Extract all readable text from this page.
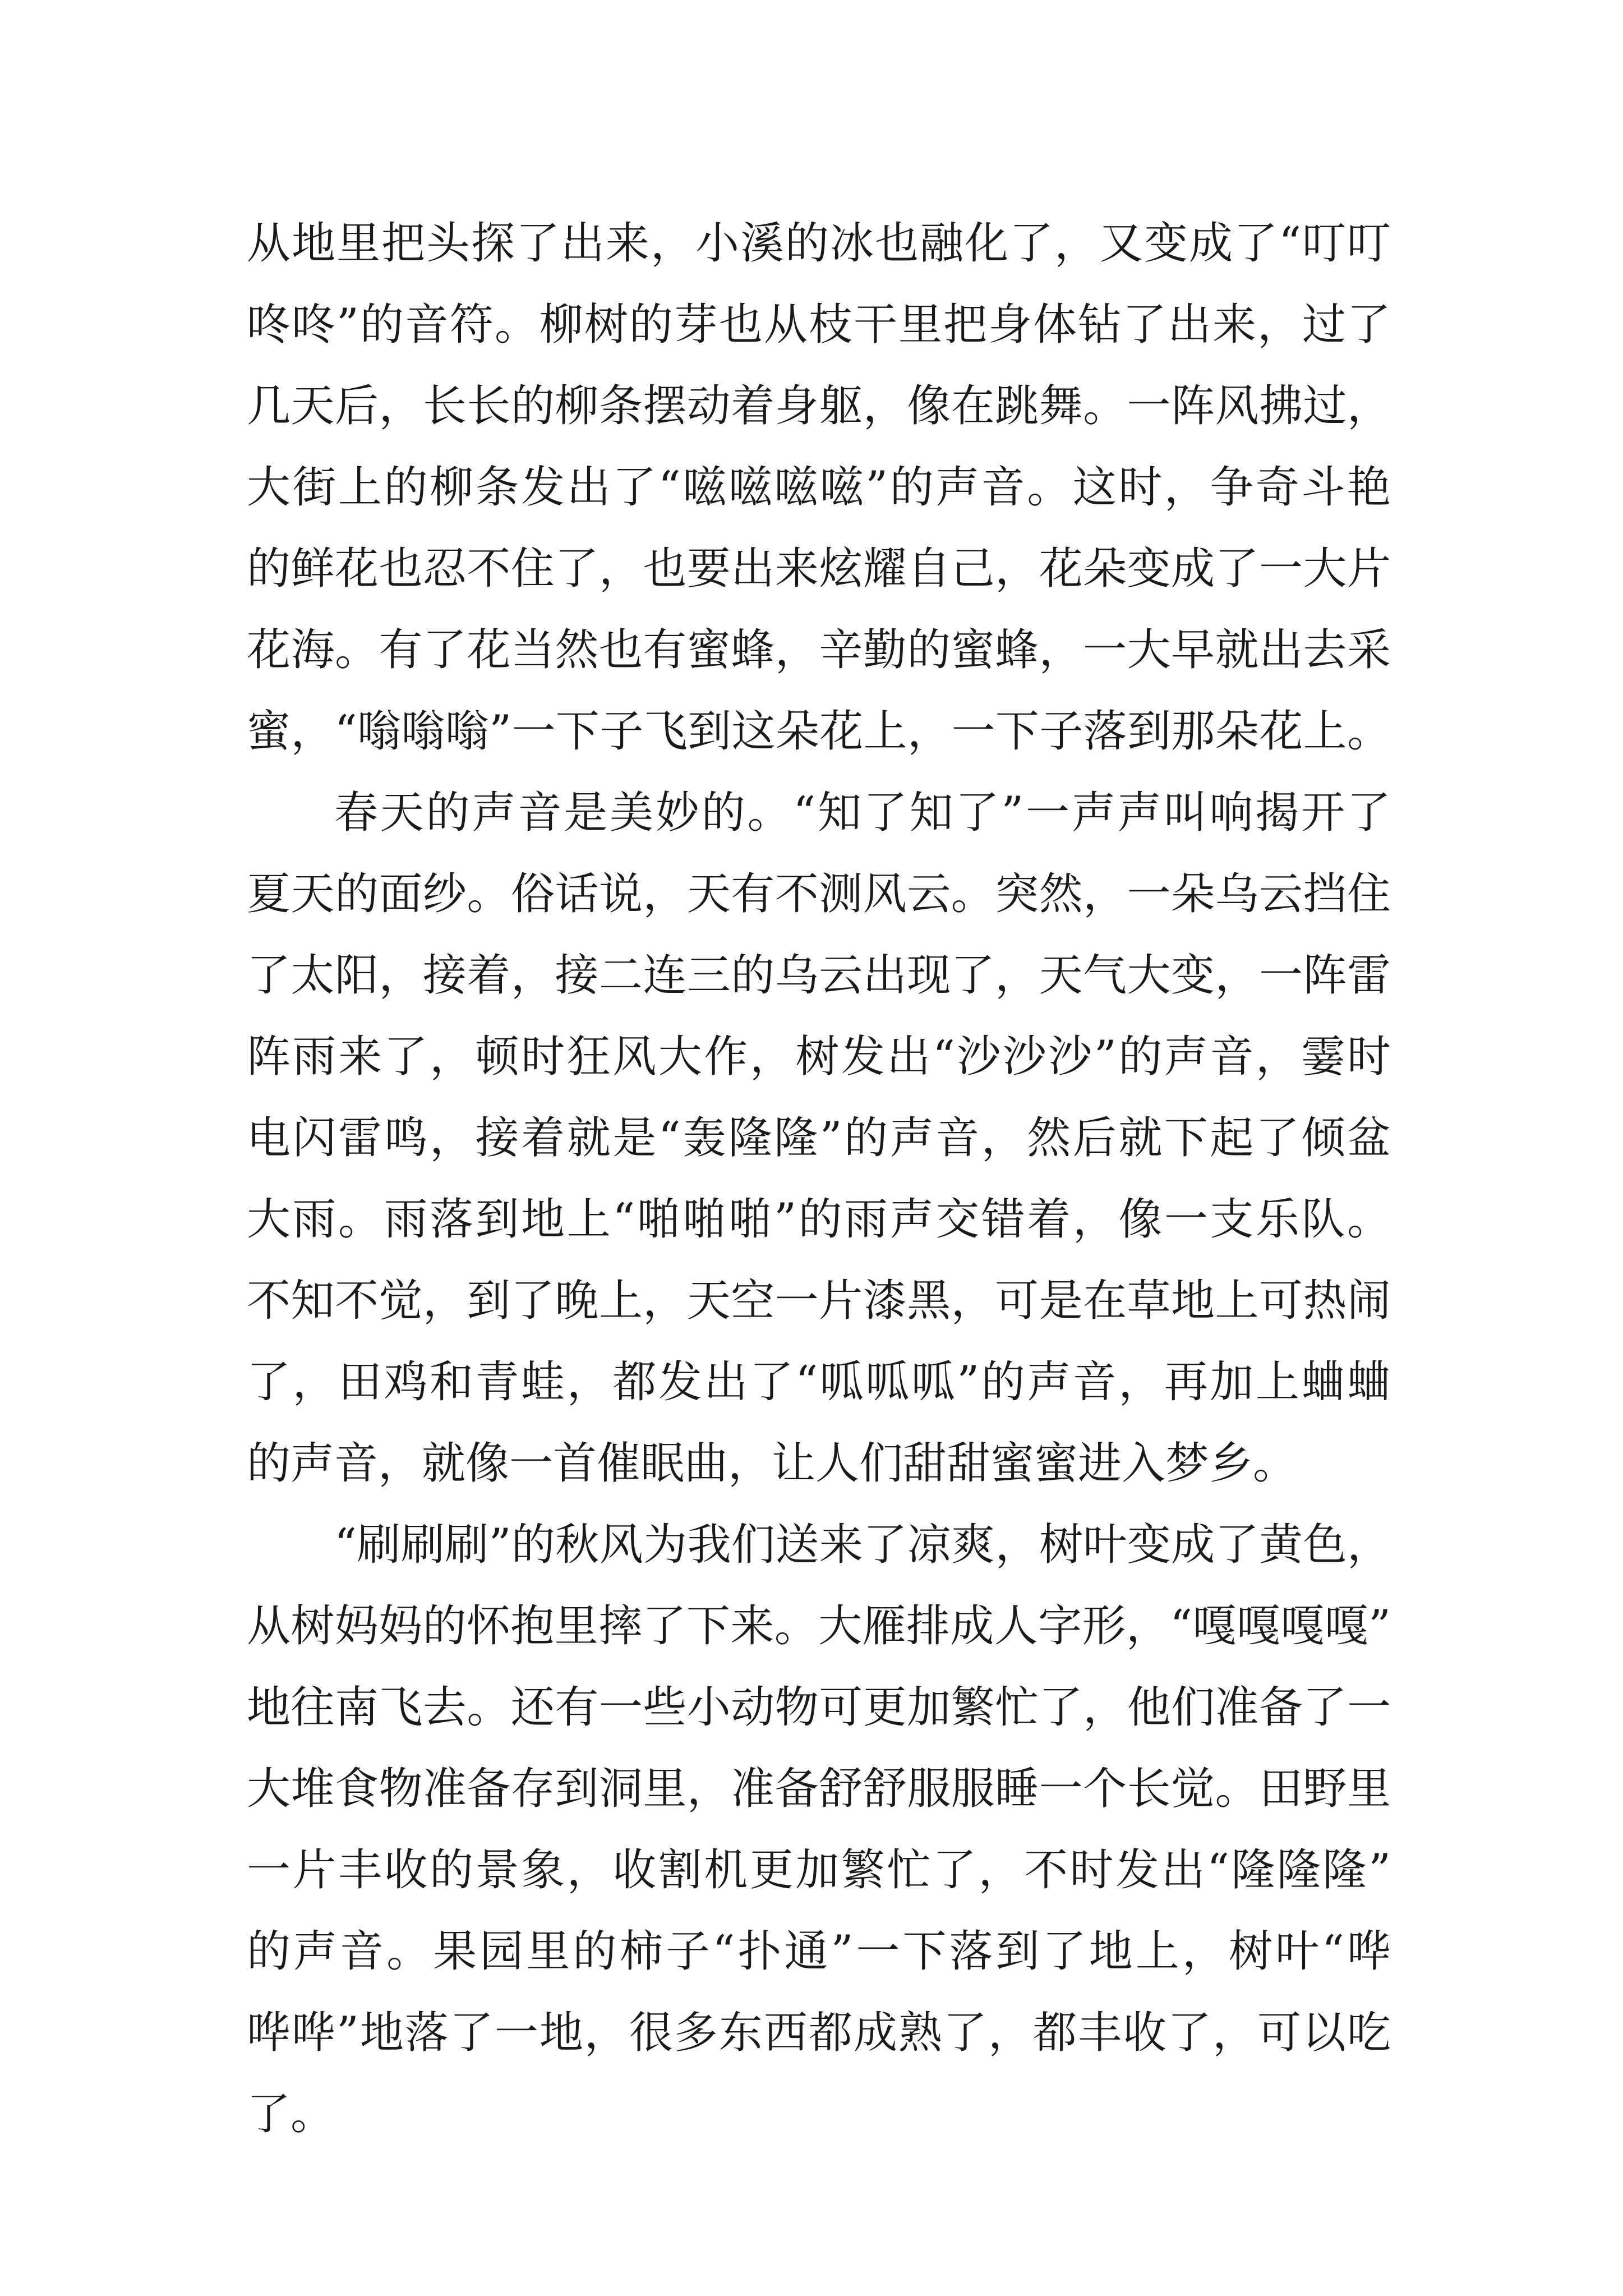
从地里把头探了出来，小溪的冰也融化了，又变成了“叮叮
咚咚”的音符。柳树的芽也从枝干里把身体钻了出来，过了
几天后，长长的柳条摆动着身躯，像在跳舞。一阵风拂过，
大街上的柳条发出了“嗞嗞嗞嗞”的声音。这时，争奇斗艳
的鲜花也忍不住了，也要出来炫耀自己，花朵变成了一大片
花海。有了花当然也有蜜蜂，辛勤的蜜蜂，一大早就出去采
蜜，“嗡嗡嗡”一下子飞到这朵花上，一下子落到那朵花上。
春天的声音是美妙的。“知了知了”一声声叫响揭开了
夏天的面纱。俗话说，天有不测风云。突然，一朵乌云挡住
了太阳，接着，接二连三的乌云出现了，天气大变，一阵雷
阵雨来了，顿时狂风大作，树发出“沙沙沙”的声音，霎时
电闪雷鸣，接着就是“轰隆隆”的声音，然后就下起了倾盆
大雨。雨落到地上“啪啪啪”的雨声交错着，像一支乐队。
不知不觉，到了晚上，天空一片漆黑，可是在草地上可热闹
了，田鸡和青蛙，都发出了“呱呱呱”的声音，再加上蛐蛐
的声音，就像一首催眠曲，让人们甜甜蜜蜜进入梦乡。
“刷刷刷”的秋风为我们送来了凉爽，树叶变成了黄色，
从树妈妈的怀抱里摔了下来。大雁排成人字形，“嘎嘎嘎嘎”
地往南飞去。还有一些小动物可更加繁忙了，他们准备了一
大堆食物准备存到洞里，准备舒舒服服睡一个长觉。田野里
一片丰收的景象，收割机更加繁忙了，不时发出“隆隆隆”
的声音。果园里的柿子“扑通”一下落到了地上，树叶“哗
哗哗”地落了一地，很多东西都成熟了，都丰收了，可以吃
了。
